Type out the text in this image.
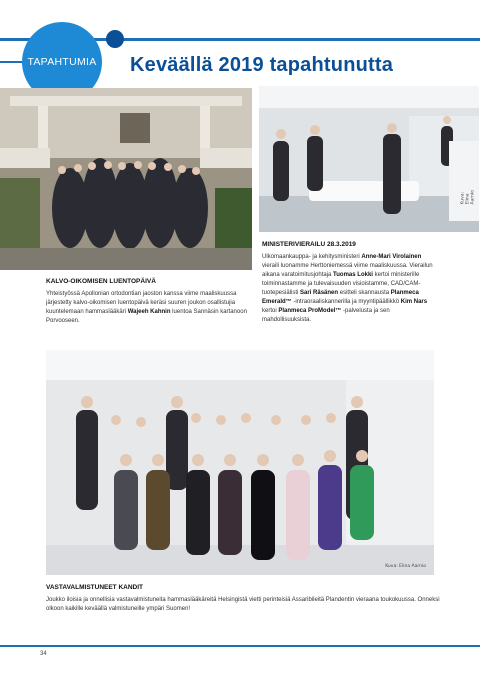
TAPAHTUMIA Keväällä 2019 tapahtunutta
Kuva: Elina Aarnio
KALVO-OIKOMISEN LUENTOPÄIVÄ
Yhteistyössä Apollonian ortodontian jaoston kanssa viime maaliskuussa järjestetty kalvo-oikomisen luentopäivä keräsi suuren joukon osallistujia kuuntelemaan hammaslääkäri Wajeeh Kahnin luentoa Sannäsin kartanoon Porvooseen.
MINISTERIVIERAILU 28.3.2019
Ulkomaankauppa- ja kehitysministeri Anne-Mari Virolainen vieraili luonamme Herttoniemessä viime maaliskuussa. Vierailun aikana varatoimitusjohtaja Tuomas Lokki kertoi ministerille toiminnastamme ja tulevaisuuden visioistamme, CAD/CAM-tuotepesiälisti Sari Räsänen esitteli skannausta Planmeca Emerald™ -intraoraaliskannerilla ja myyntipäällikkö Kim Nars kertoi Planmeca ProModel™ -palvelusta ja sen mahdollisuuksista.
Kuva: Elina Aarnio
VASTAVALMISTUNEET KANDIT
Joukko iloisia ja onnellisia vastavalmistuneita hammaslääkäreitä Helsingistä vietti perinteisiä Assaribileitä Plandentin vieraana toukokuussa. Onneksi olkoon kaikille keväällä valmistuneille ympäri Suomen!
34
